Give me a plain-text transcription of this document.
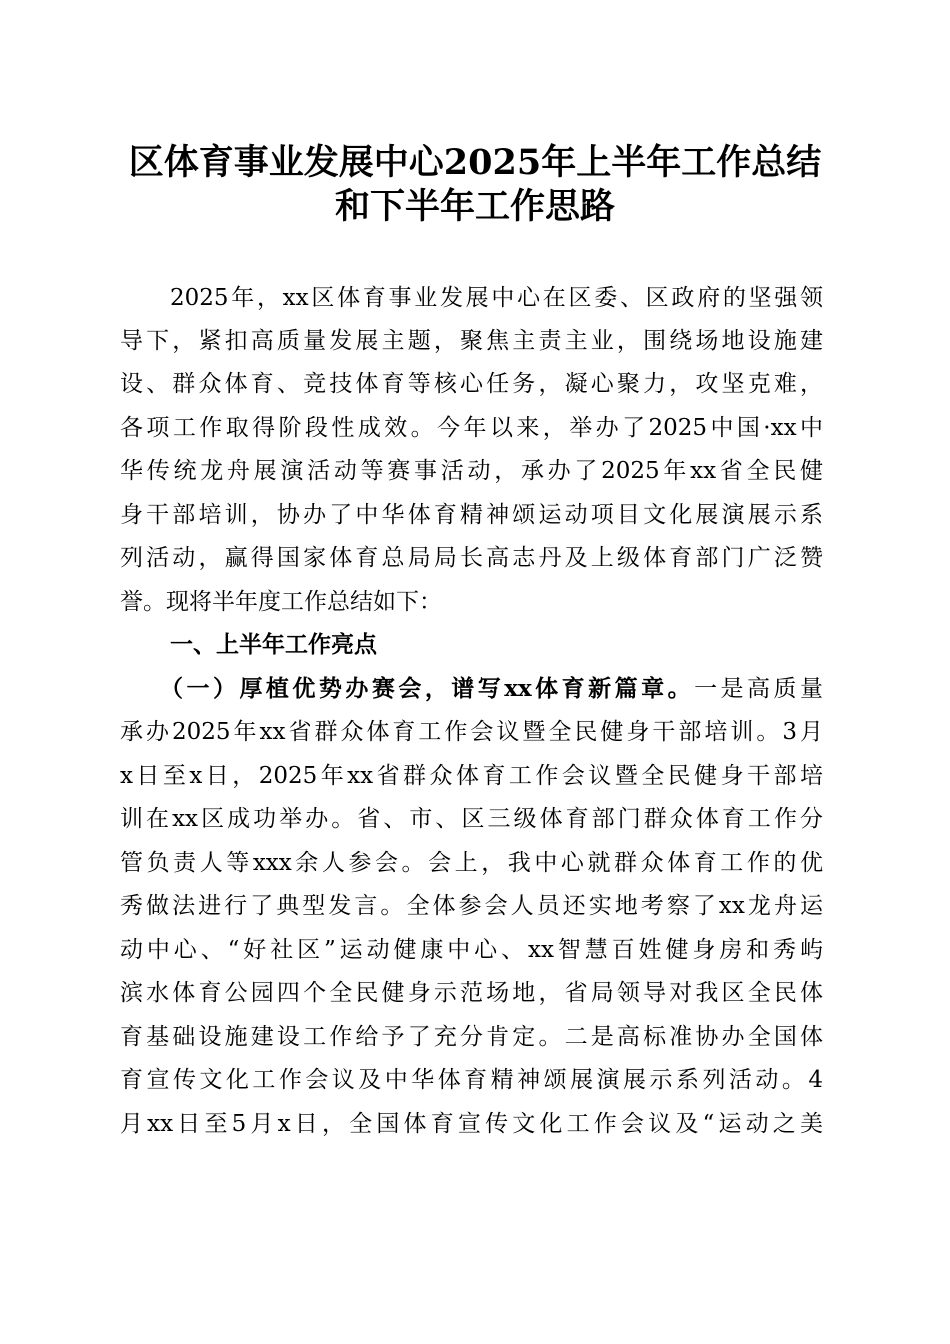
区体育事业发展中心2025年上半年工作总结
和下半年工作思路
2025年，xx区体育事业发展中心在区委、区政府的坚强领
导下，紧扣高质量发展主题，聚焦主责主业，围绕场地设施建
设、群众体育、竞技体育等核心任务，凝心聚力，攻坚克难，
各项工作取得阶段性成效。今年以来，举办了2025中国·xx中
华传统龙舟展演活动等赛事活动，承办了2025年xx省全民健
身干部培训，协办了中华体育精神颂运动项目文化展演展示系
列活动，赢得国家体育总局局长高志丹及上级体育部门广泛赞
誉。现将半年度工作总结如下：
一、上半年工作亮点
（一）厚植优势办赛会，谱写xx体育新篇章。一是高质量
承办2025年xx省群众体育工作会议暨全民健身干部培训。3月
x日至x日，2025年xx省群众体育工作会议暨全民健身干部培
训在xx区成功举办。省、市、区三级体育部门群众体育工作分
管负责人等xxx余人参会。会上，我中心就群众体育工作的优
秀做法进行了典型发言。全体参会人员还实地考察了xx龙舟运
动中心、“好社区”运动健康中心、xx智慧百姓健身房和秀屿
滨水体育公园四个全民健身示范场地，省局领导对我区全民体
育基础设施建设工作给予了充分肯定。二是高标准协办全国体
育宣传文化工作会议及中华体育精神颂展演展示系列活动。4
月xx日至5月x日，全国体育宣传文化工作会议及“运动之美
